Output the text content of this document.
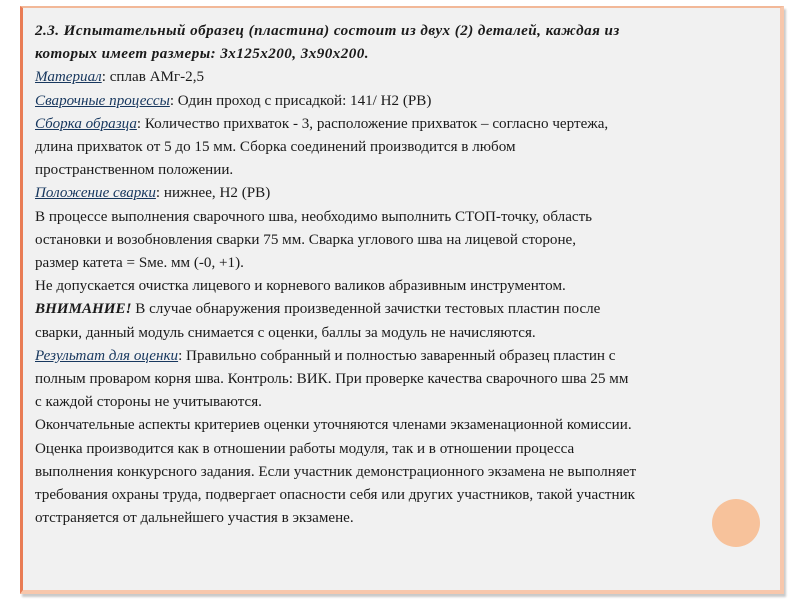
2.3. Испытательный образец (пластина) состоит из двух (2) деталей, каждая из
которых имеет размеры: 3х125х200, 3х90х200.
Материал: сплав АМг-2,5
Сварочные процессы: Один проход с присадкой: 141/ Н2 (РВ)
Сборка образца: Количество прихваток - 3, расположение прихваток – согласно чертежа,
длина прихваток от 5 до 15 мм. Сборка соединений производится в любом
пространственном положении.
Положение сварки: нижнее, Н2 (РВ)
В процессе выполнения сварочного шва, необходимо выполнить СТОП-точку, область
остановки и возобновления сварки 75 мм. Сварка углового шва на лицевой стороне,
размер катета = Sме. мм (-0, +1).
Не допускается очистка лицевого и корневого валиков абразивным инструментом.
ВНИМАНИЕ! В случае обнаружения произведенной зачистки тестовых пластин после
сварки, данный модуль снимается с оценки, баллы за модуль не начисляются.
Результат для оценки: Правильно собранный и полностью заваренный образец пластин с
полным проваром корня шва. Контроль: ВИК. При проверке качества сварочного шва 25 мм
с каждой стороны не учитываются.
Окончательные аспекты критериев оценки уточняются членами экзаменационной комиссии.
Оценка производится как в отношении работы модуля, так и в отношении процесса
выполнения конкурсного задания. Если участник демонстрационного экзамена не выполняет
требования охраны труда, подвергает опасности себя или других участников, такой участник
отстраняется от дальнейшего участия в экзамене.
